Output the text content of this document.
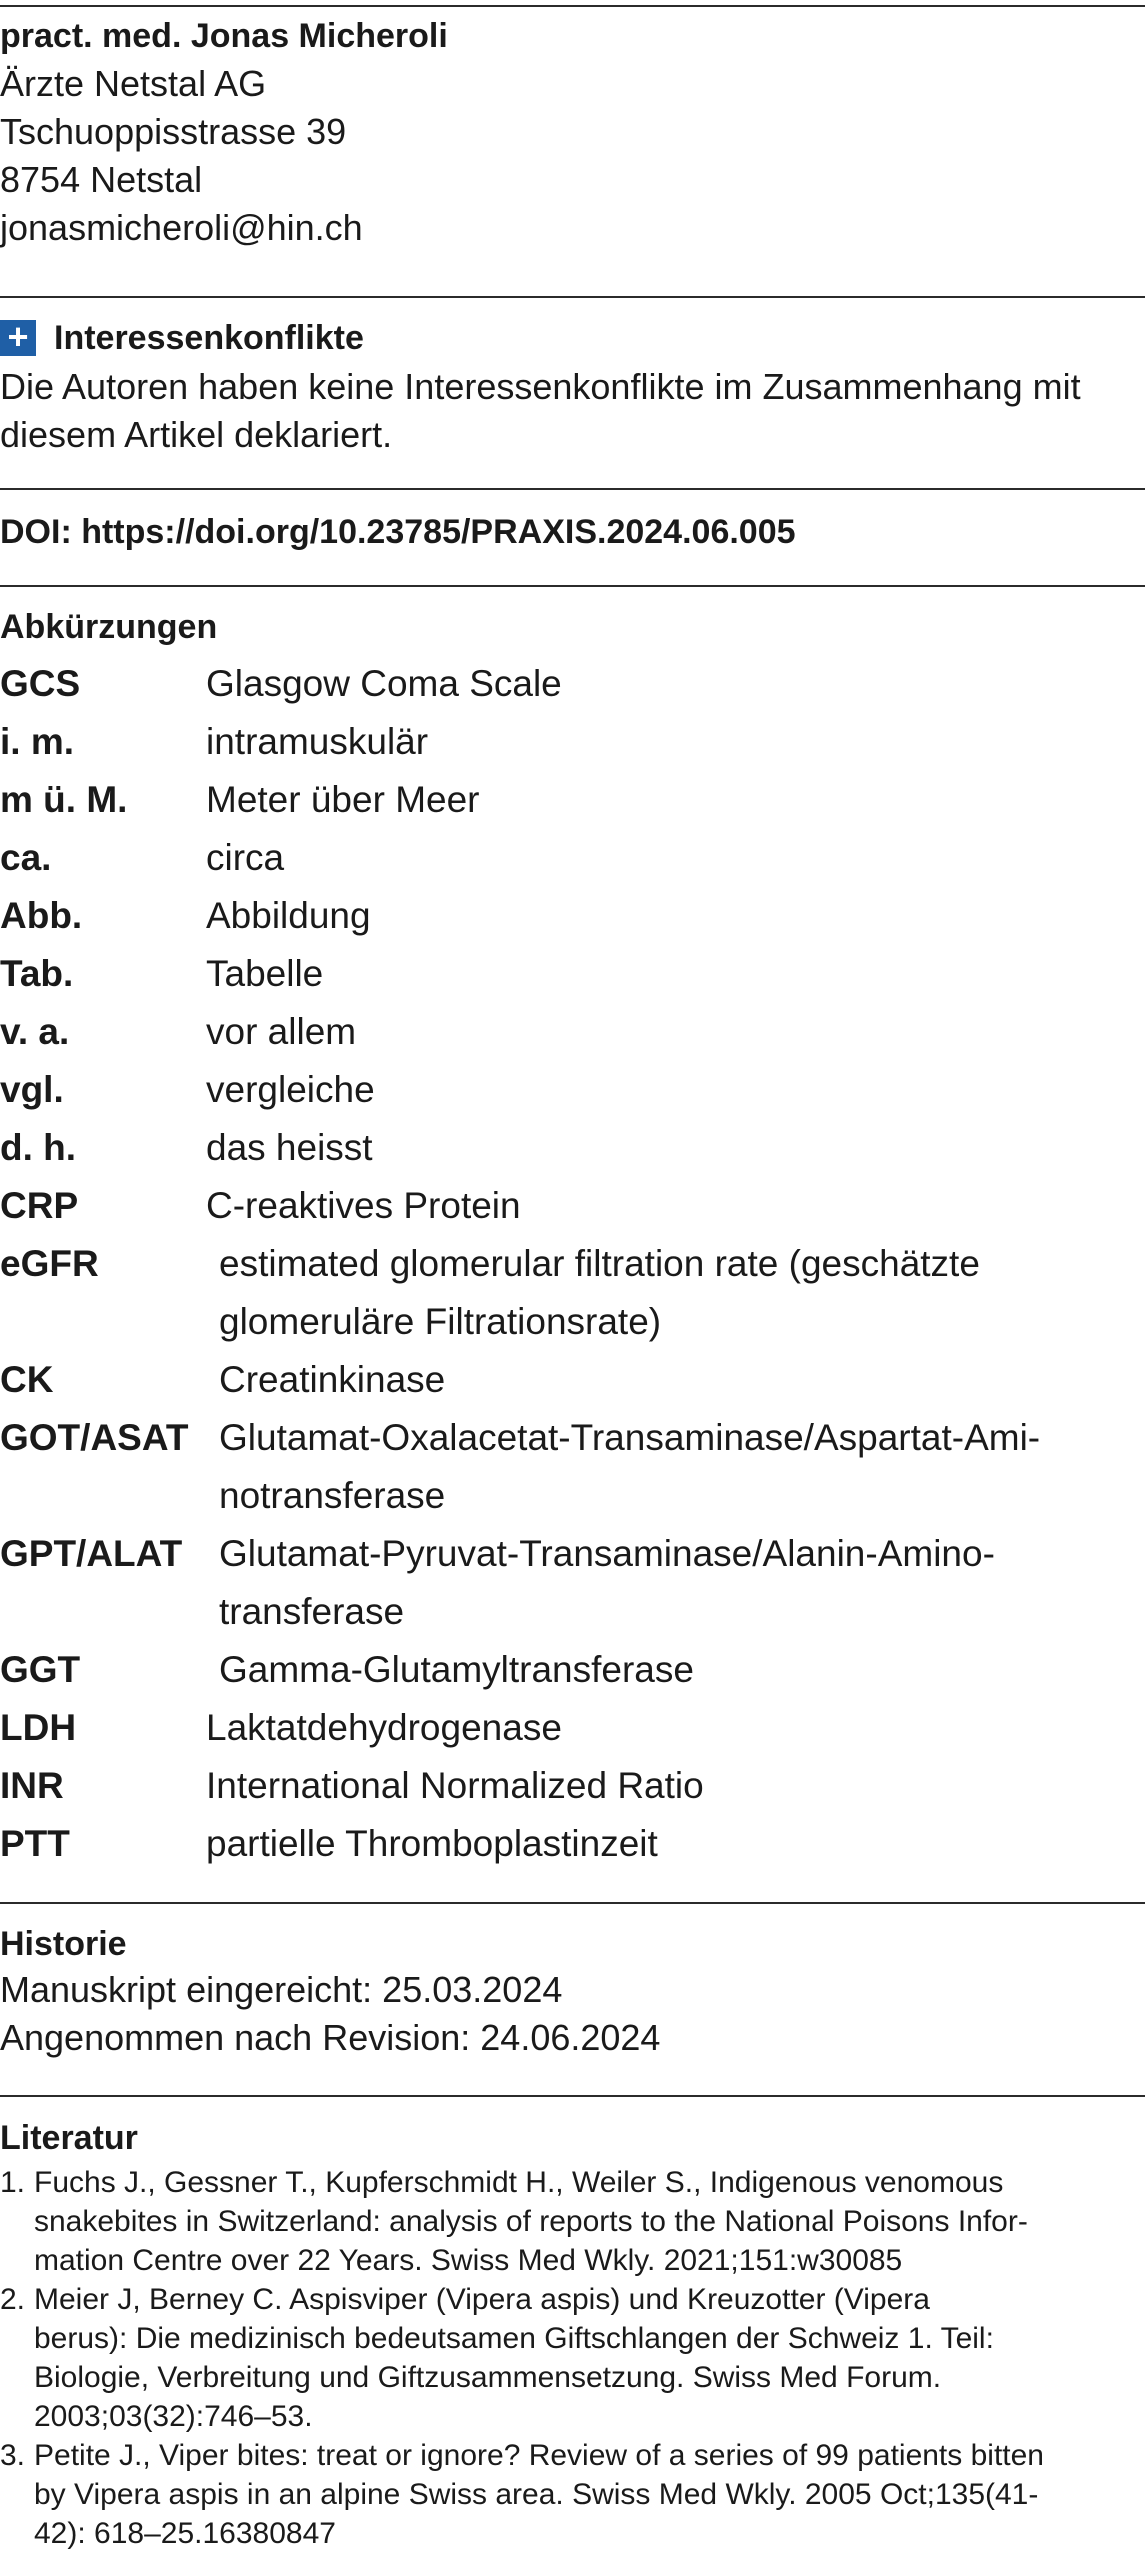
pract. med. Jonas Micheroli
Ärzte Netstal AG
Tschuoppisstrasse 39
8754 Netstal
jonasmicheroli@hin.ch
+ Interessenkonflikte
Die Autoren haben keine Interessenkonflikte im Zusammenhang mit
diesem Artikel deklariert.
DOI: https://doi.org/10.23785/PRAXIS.2024.06.005
Abkürzungen
GCS	Glasgow Coma Scale
i. m.	intramuskulär
m ü. M.	Meter über Meer
ca.	circa
Abb.	Abbildung
Tab.	Tabelle
v. a.	vor allem
vgl.	vergleiche
d. h.	das heisst
CRP	C-reaktives Protein
eGFR	estimated glomerular filtration rate (geschätzte
glomeruläre Filtrationsrate)
CK	Creatinkinase
GOT/ASAT Glutamat-Oxalacetat-Transaminase/Aspartat-Ami-
notransferase
GPT/ALAT Glutamat-Pyruvat-Transaminase/Alanin-Amino-
transferase
GGT	Gamma-Glutamyltransferase
LDH	Laktatdehydrogenase
INR	International Normalized Ratio
PTT	partielle Thromboplastinzeit
Historie
Manuskript eingereicht: 25.03.2024
Angenommen nach Revision: 24.06.2024
Literatur
1. Fuchs J., Gessner T., Kupferschmidt H., Weiler S., Indigenous venomous
snakebites in Switzerland: analysis of reports to the National Poisons Infor-
mation Centre over 22 Years. Swiss Med Wkly. 2021;151:w30085
2. Meier J, Berney C. Aspisviper (Vipera aspis) und Kreuzotter (Vipera
berus): Die medizinisch bedeutsamen Giftschlangen der Schweiz 1. Teil:
Biologie, Verbreitung und Giftzusammensetzung. Swiss Med Forum.
2003;03(32):746–53.
3. Petite J., Viper bites: treat or ignore? Review of a series of 99 patients bitten
by Vipera aspis in an alpine Swiss area. Swiss Med Wkly. 2005 Oct;135(41-
42): 618–25.16380847
